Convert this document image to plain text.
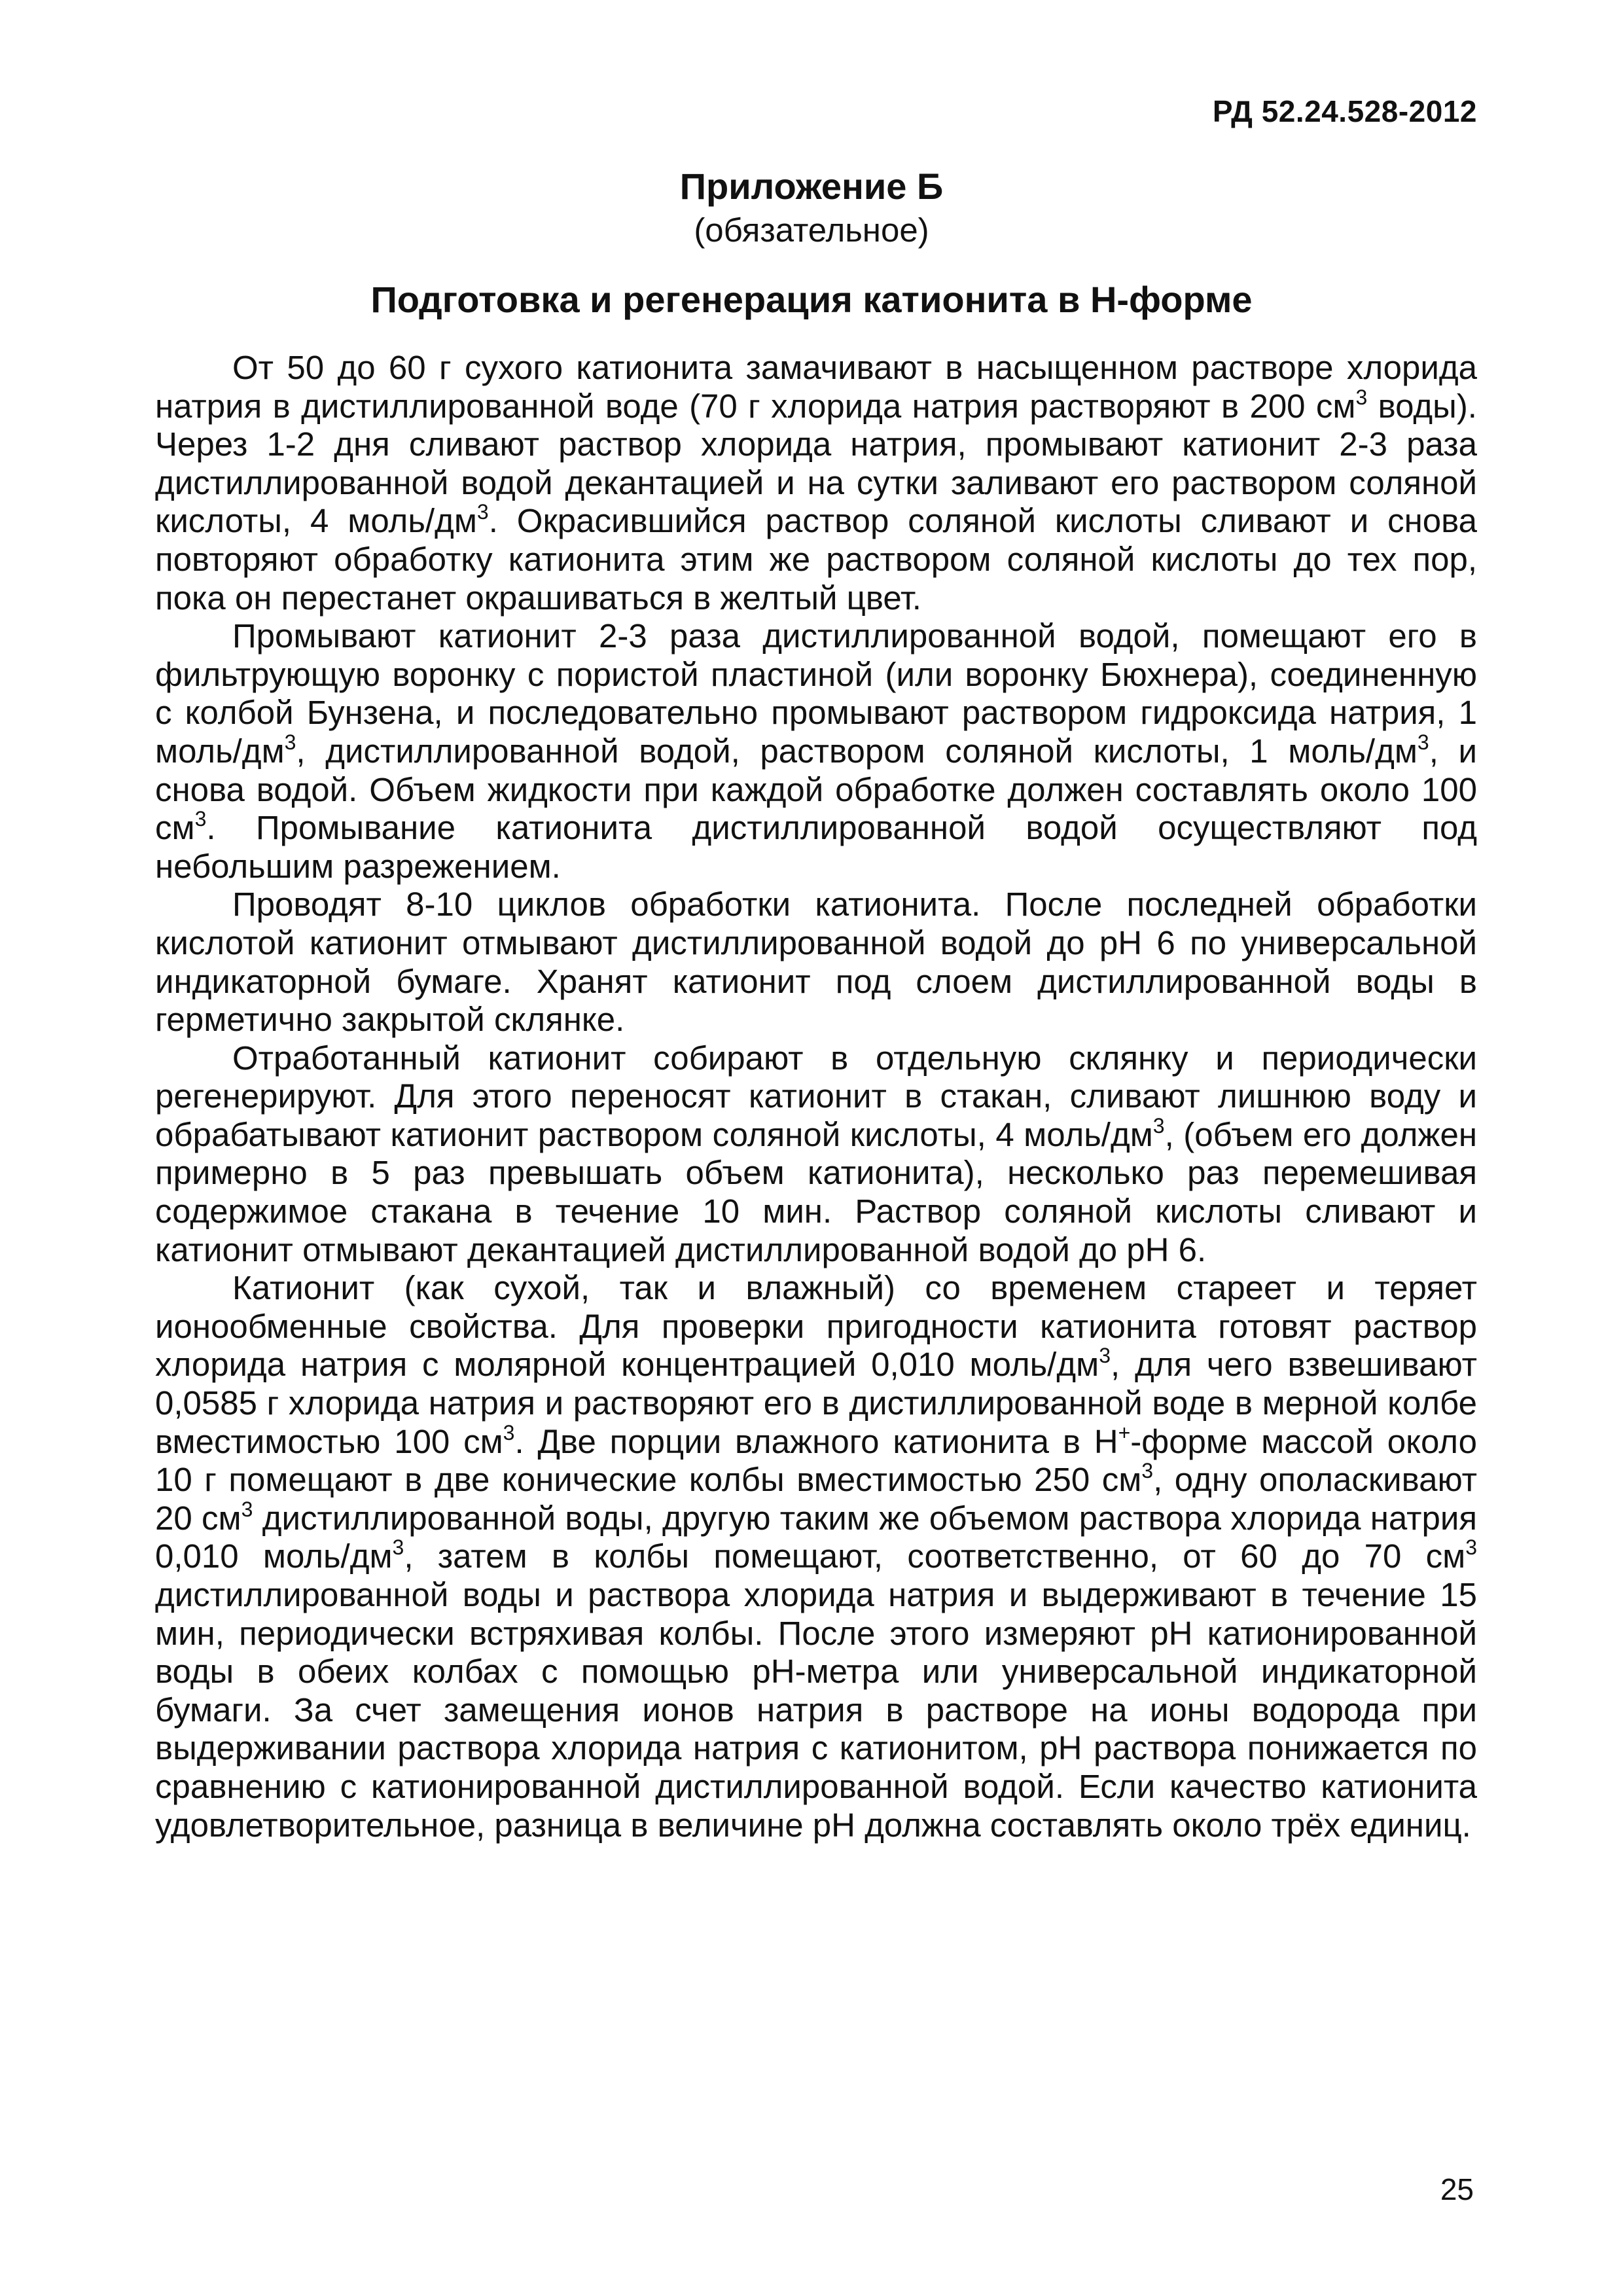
РД 52.24.528-2012
Приложение Б
(обязательное)
Подготовка и регенерация катионита в Н-форме

От 50 до 60 г сухого катионита замачивают в насыщенном растворе хлорида натрия в дистиллированной воде (70 г хлорида натрия растворяют в 200 $см^3$ воды). Через 1-2 дня сливают раствор хлорида натрия, промывают катионит 2-3 раза дистиллированной водой декантацией и на сутки заливают его раствором соляной кислоты, 4 моль/$дм^3$. Окрасившийся раствор соляной кислоты сливают и снова повторяют обработку катионита этим же раствором соляной кислоты до тех пор, пока он перестанет окрашиваться в желтый цвет.

Промывают катионит 2-3 раза дистиллированной водой, помещают его в фильтрующую воронку с пористой пластиной (или воронку Бюхнера), соединенную с колбой Бунзена, и последовательно промывают раствором гидроксида натрия, 1 моль/$дм^3$, дистиллированной водой, раствором соляной кислоты, 1 моль/$дм^3$, и снова водой. Объем жидкости при каждой обработке должен составлять около 100 $см^3$. Промывание катионита дистиллированной водой осуществляют под небольшим разрежением.

Проводят 8-10 циклов обработки катионита. После последней обработки кислотой катионит отмывают дистиллированной водой до рН 6 по универсальной индикаторной бумаге. Хранят катионит под слоем дистиллированной воды в герметично закрытой склянке.

Отработанный катионит собирают в отдельную склянку и периодически регенерируют. Для этого переносят катионит в стакан, сливают лишнюю воду и обрабатывают катионит раствором соляной кислоты, 4 моль/$дм^3$, (объем его должен примерно в 5 раз превышать объем катионита), несколько раз перемешивая содержимое стакана в течение 10 мин. Раствор соляной кислоты сливают и катионит отмывают декантацией дистиллированной водой до рН 6.

Катионит (как сухой, так и влажный) со временем стареет и теряет ионообменные свойства. Для проверки пригодности катионита готовят раствор хлорида натрия с молярной концентрацией 0,010 моль/$дм^3$, для чего взвешивают 0,0585 г хлорида натрия и растворяют его в дистиллированной воде в мерной колбе вместимостью 100 $см^3$. Две порции влажного катионита в Н+-форме массой около 10 г помещают в две конические колбы вместимостью 250 $см^3$, одну ополаскивают 20 $см^3$ дистиллированной воды, другую таким же объемом раствора хлорида натрия 0,010 моль/$дм^3$, затем в колбы помещают, соответственно, от 60 до 70 $см^3$ дистиллированной воды и раствора хлорида натрия и выдерживают в течение 15 мин, периодически встряхивая колбы. После этого измеряют рН катионированной воды в обеих колбах с помощью рН-метра или универсальной индикаторной бумаги. За счет замещения ионов натрия в растворе на ионы водорода при выдерживании раствора хлорида натрия с катионитом, рН раствора понижается по сравнению с катионированной дистиллированной водой. Если качество катионита удовлетворительное, разница в величине рН должна составлять около трёх единиц.

25
